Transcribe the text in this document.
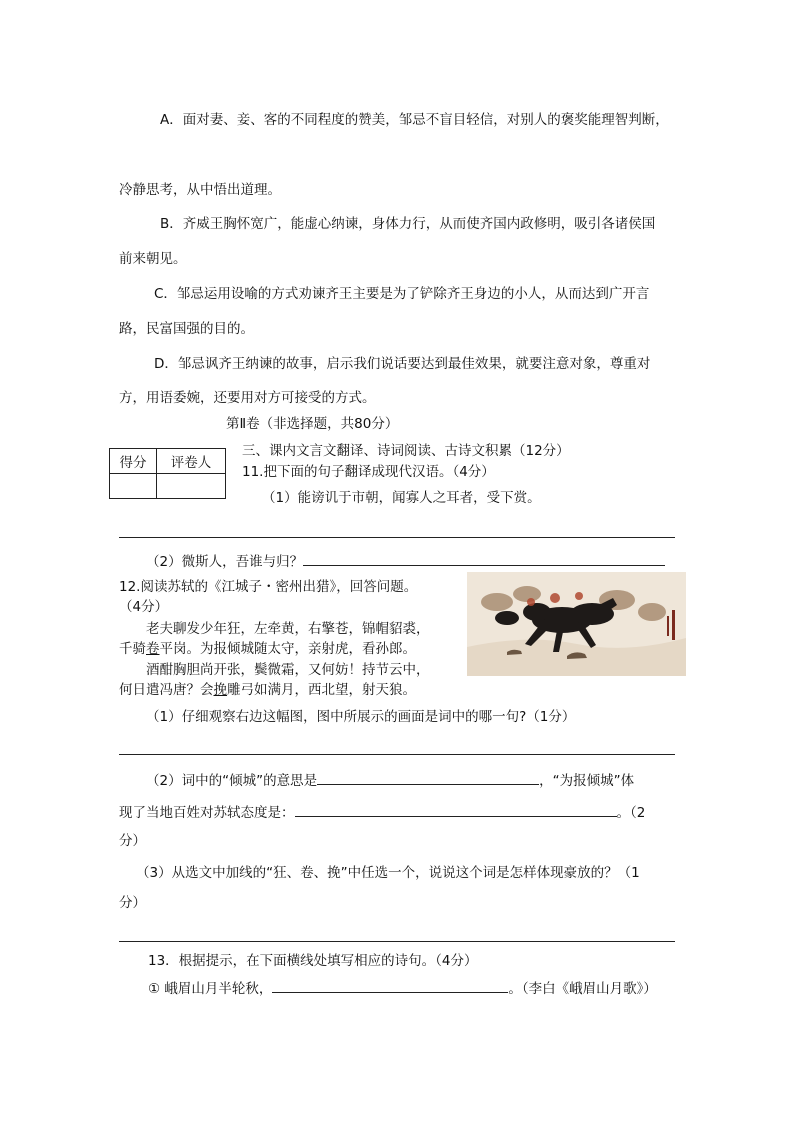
A．面对妻、妾、客的不同程度的赞美，邹忌不盲目轻信，对别人的褒奖能理智判断，
冷静思考，从中悟出道理。
B．齐威王胸怀宽广，能虚心纳谏，身体力行，从而使齐国内政修明，吸引各诸侯国
前来朝见。
C．邹忌运用设喻的方式劝谏齐王主要是为了铲除齐王身边的小人，从而达到广开言
路，民富国强的目的。
D．邹忌讽齐王纳谏的故事，启示我们说话要达到最佳效果，就要注意对象，尊重对
方，用语委婉，还要用对方可接受的方式。
第Ⅱ卷（非选择题，共80分）
得分	评卷人

三、课内文言文翻译、诗词阅读、古诗文积累（12分）
11.把下面的句子翻译成现代汉语。（4分）
（1）能谤讥于市朝，闻寡人之耳者，受下赏。
（2）微斯人，吾谁与归？
12.阅读苏轼的《江城子・密州出猎》，回答问题。
（4分）
老夫聊发少年狂，左牵黄，右擎苍，锦帽貂裘，
千骑卷平岗。为报倾城随太守，亲射虎，看孙郎。
酒酣胸胆尚开张，鬓微霜，又何妨！持节云中，
何日遣冯唐？会挽雕弓如满月，西北望，射天狼。
（1）仔细观察右边这幅图，图中所展示的画面是词中的哪一句?（1分）
（2）词中的“倾城”的意思是	，“为报倾城”体
现了当地百姓对苏轼态度是：	。（2
分）
（3）从选文中加线的“狂、卷、挽”中任选一个，说说这个词是怎样体现豪放的？（1
分）
13．根据提示，在下面横线处填写相应的诗句。（4分）
① 峨眉山月半轮秋，	。（李白《峨眉山月歌》）
